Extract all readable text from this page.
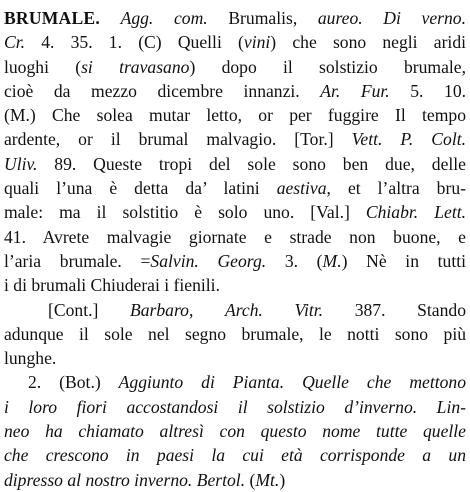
BRUMALE. Agg. com. Brumalis, aureo. Di verno.
Cr. 4. 35. 1. (C) Quelli (vini) che sono negli aridi
luoghi (si travasano) dopo il solstizio brumale,
cioè da mezzo dicembre innanzi. Ar. Fur. 5. 10.
(M.) Che solea mutar letto, or per fuggire Il tempo
ardente, or il brumal malvagio. [Tor.] Vett. P. Colt.
Uliv. 89. Queste tropi del sole sono ben due, delle
quali l’una è detta da’ latini aestiva, et l’altra bru-
male: ma il solstitio è solo uno. [Val.] Chiabr. Lett.
41. Avrete malvagie giornate e strade non buone, e
l’aria brumale. =Salvin. Georg. 3. (M.) Nè in tutti
i di brumali Chiuderai i fienili.
[Cont.] Barbaro, Arch. Vitr. 387. Stando
adunque il sole nel segno brumale, le notti sono più
lunghe.
2. (Bot.) Aggiunto di Pianta. Quelle che mettono
i loro fiori accostandosi il solstizio d’inverno. Lin-
neo ha chiamato altresì con questo nome tutte quelle
che crescono in paesi la cui età corrisponde a un
dipresso al nostro inverno. Bertol. (Mt.)
